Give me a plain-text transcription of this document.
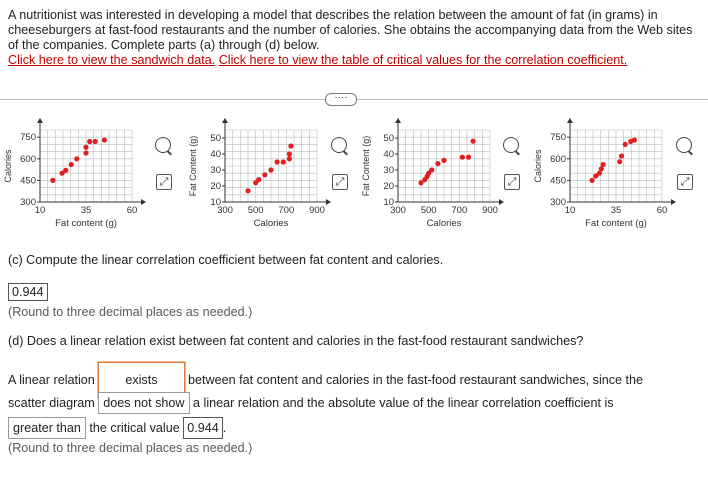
A nutritionist was interested in developing a model that describes the relation between the amount of fat (in grams) in cheeseburgers at fast-food restaurants and the number of calories. She obtains the accompanying data from the Web sites of the companies. Complete parts (a) through (d) below.
Click here to view the sandwich data. Click here to view the table of critical values for the correlation coefficient.
····
10	35	60
300
450
600
750
Fat content (g)
Calories	⤢
300 500 700 900
10
20
30
40
50
Calories
Fat Content (g)	⤢
300 500 700 900
10
20
30
40
50
Calories
Fat Content (g)	⤢
10	35	60
300
450
600
750
Fat content (g)
Calories	⤢
(c) Compute the linear correlation coefficient between fat content and calories.
0.944
(Round to three decimal places as needed.)
(d) Does a linear relation exist between fat content and calories in the fast-food restaurant sandwiches?
A linear relation exists between fat content and calories in the fast-food restaurant sandwiches, since the
scatter diagram does not show a linear relation and the absolute value of the linear correlation coefficient is
greater than the critical value 0.944 .
(Round to three decimal places as needed.)
